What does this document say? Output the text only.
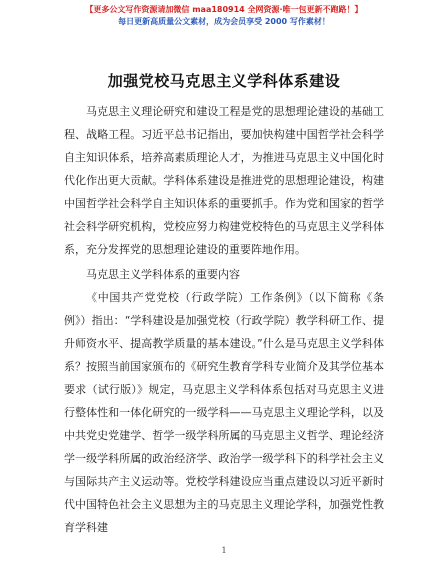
【更多公文写作资源请加微信 maa180914 全网资源·唯一包更新不跑路！】
每日更新高质量公文素材，成为会员享受 2000 写作素材！
加强党校马克思主义学科体系建设

马克思主义理论研究和建设工程是党的思想理论建设的基础工程、战略工程。习近平总书记指出，要加快构建中国哲学社会科学自主知识体系，培养高素质理论人才，为推进马克思主义中国化时代化作出更大贡献。学科体系建设是推进党的思想理论建设，构建中国哲学社会科学自主知识体系的重要抓手。作为党和国家的哲学社会科学研究机构，党校应努力构建党校特色的马克思主义学科体系，充分发挥党的思想理论建设的重要阵地作用。

马克思主义学科体系的重要内容

《中国共产党党校（行政学院）工作条例》（以下简称《条例》）指出：“学科建设是加强党校（行政学院）教学科研工作、提升师资水平、提高教学质量的基本建设。”什么是马克思主义学科体系？按照当前国家颁布的《研究生教育学科专业简介及其学位基本要求（试行版）》规定，马克思主义学科体系包括对马克思主义进行整体性和一体化研究的一级学科——马克思主义理论学科，以及中共党史党建学、哲学一级学科所属的马克思主义哲学、理论经济学一级学科所属的政治经济学、政治学一级学科下的科学社会主义与国际共产主义运动等。党校学科建设应当重点建设以习近平新时代中国特色社会主义思想为主的马克思主义理论学科，加强党性教育学科建

1
